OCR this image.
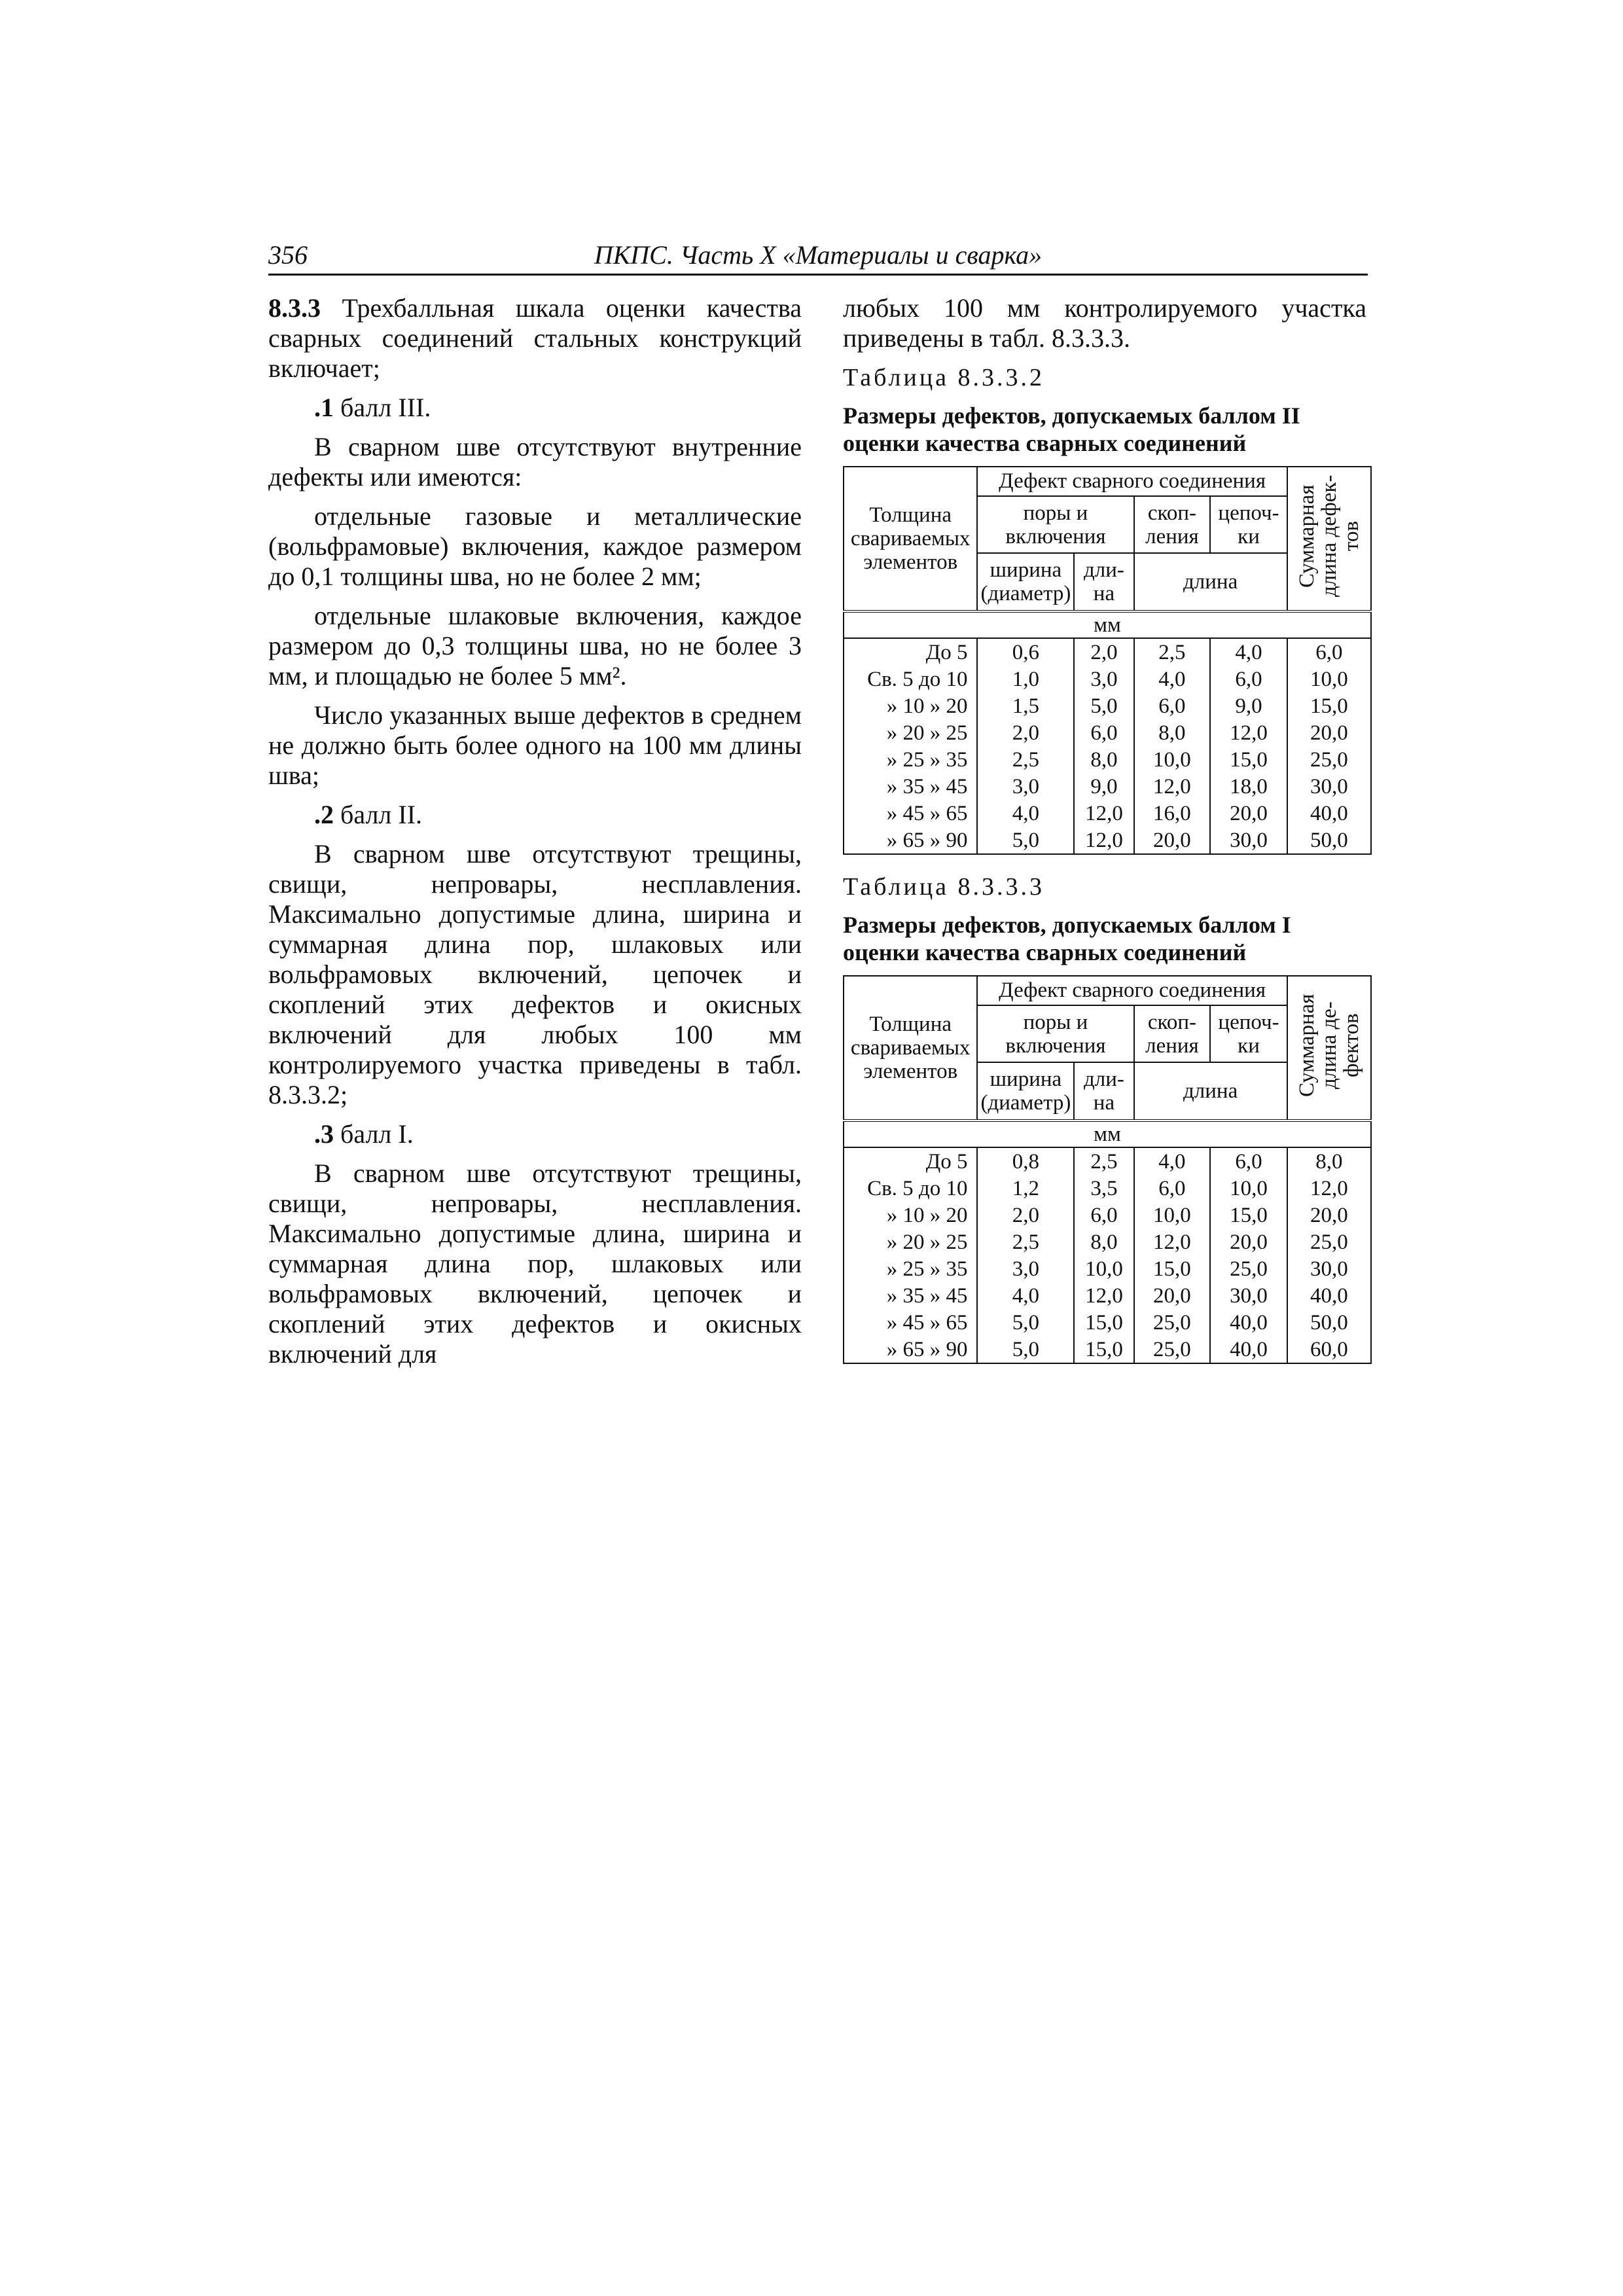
356	ПКПС. Часть X «Материалы и сварка»

8.3.3 Трехбалльная шкала оценки качества сварных соединений стальных конструкций включает;

.1 балл III.

В сварном шве отсутствуют внутренние дефекты или имеются:

отдельные газовые и металлические (вольфрамовые) включения, каждое размером до 0,1 толщины шва, но не более 2 мм;

отдельные шлаковые включения, каждое размером до 0,3 толщины шва, но не более 3 мм, и площадью не более 5 мм².

Число указанных выше дефектов в среднем не должно быть более одного на 100 мм длины шва;

.2 балл II.

В сварном шве отсутствуют трещины, свищи, непровары, несплавления. Максимально допустимые длина, ширина и суммарная длина пор, шлаковых или вольфрамовых включений, цепочек и скоплений этих дефектов и окисных включений для любых 100 мм контролируемого участка приведены в табл. 8.3.3.2;

.3 балл I.

В сварном шве отсутствуют трещины, свищи, непровары, несплавления. Максимально допустимые длина, ширина и суммарная длина пор, шлаковых или вольфрамовых включений, цепочек и скоплений этих дефектов и окисных включений для

любых 100 мм контролируемого участка приведены в табл. 8.3.3.3.

Таблица 8.3.3.2

Размеры дефектов, допускаемых баллом II
оценки качества сварных соединений

Толщина свариваемых элементов	Дефект сварного соединения				Суммарная длина дефек-тов
	поры и включения		скоп-ления	цепоч-ки	
	ширина (диаметр)	дли-на	длина		
мм					
До 5	0,6	2,0	2,5	4,0	6,0
Св. 5 до 10	1,0	3,0	4,0	6,0	10,0
» 10 » 20	1,5	5,0	6,0	9,0	15,0
» 20 » 25	2,0	6,0	8,0	12,0	20,0
» 25 » 35	2,5	8,0	10,0	15,0	25,0
» 35 » 45	3,0	9,0	12,0	18,0	30,0
» 45 » 65	4,0	12,0	16,0	20,0	40,0
» 65 » 90	5,0	12,0	20,0	30,0	50,0

Таблица 8.3.3.3

Размеры дефектов, допускаемых баллом I
оценки качества сварных соединений

Толщина свариваемых элементов	Дефект сварного соединения				Суммарная длина де-фектов
	поры и включения		скоп-ления	цепоч-ки	
	ширина (диаметр)	дли-на	длина		
мм					
До 5	0,8	2,5	4,0	6,0	8,0
Св. 5 до 10	1,2	3,5	6,0	10,0	12,0
» 10 » 20	2,0	6,0	10,0	15,0	20,0
» 20 » 25	2,5	8,0	12,0	20,0	25,0
» 25 » 35	3,0	10,0	15,0	25,0	30,0
» 35 » 45	4,0	12,0	20,0	30,0	40,0
» 45 » 65	5,0	15,0	25,0	40,0	50,0
» 65 » 90	5,0	15,0	25,0	40,0	60,0
